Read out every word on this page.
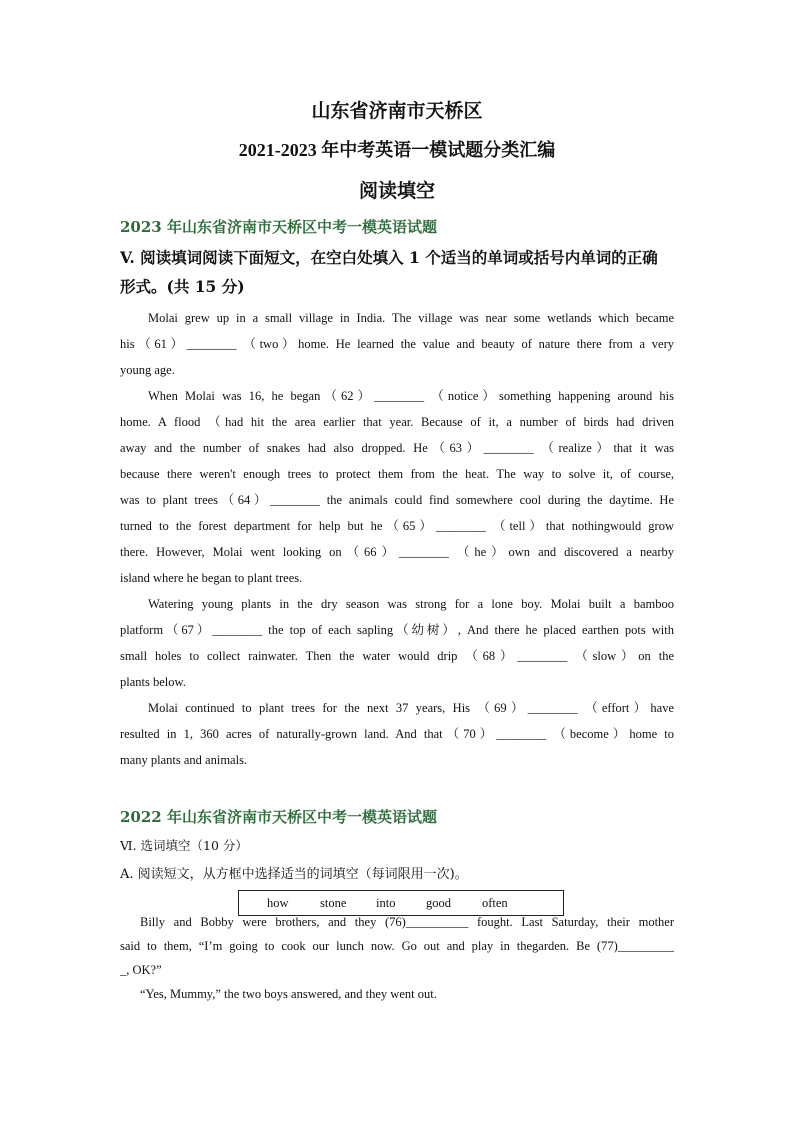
山东省济南市天桥区
2021-2023 年中考英语一模试题分类汇编
阅读填空
2023 年山东省济南市天桥区中考一模英语试题
V. 阅读填词阅读下面短文，在空白处填入 1 个适当的单词或括号内单词的正确
形式。(共 15 分)
Molai grew up in a small village in India. The village was near some wetlands which became
his（61）________ （two）home. He learned the value and beauty of nature there from a very
young age.
When Molai was 16, he began（62）________ （notice）something happening around his
home. A flood （had hit the area earlier that year. Because of it, a number of birds had driven
away and the number of snakes had also dropped. He（63）________ （realize）that it was
because there weren't enough trees to protect them from the heat. The way to solve it, of course,
was to plant trees（64）________ the animals could find somewhere cool during the daytime. He
turned to the forest department for help but he（65）________ （tell）that nothingwould grow
there. However, Molai went looking on（66）________ （he）own and discovered a nearby
island where he began to plant trees.
Watering young plants in the dry season was strong for a lone boy. Molai built a bamboo
platform（67）________ the top of each sapling（幼树）, And there he placed earthen pots with
small holes to collect rainwater. Then the water would drip （68）________ （slow）on the
plants below.
Molai continued to plant trees for the next 37 years, His （69）________ （effort）have
resulted in 1, 360 acres of naturally-grown land. And that（70）________ （become）home to
many plants and animals.
2022 年山东省济南市天桥区中考一模英语试题
Ⅵ. 选词填空（10 分）
A. 阅读短文，从方框中选择适当的词填空（每词限用一次)。
how	stone into good often
Billy and Bobby were brothers, and they (76)__________ fought. Last Saturday, their mother
said to them, “I’m going to cook our lunch now. Go out and play in thegarden. Be (77)_________
_, OK?”
“Yes, Mummy,” the two boys answered, and they went out.
